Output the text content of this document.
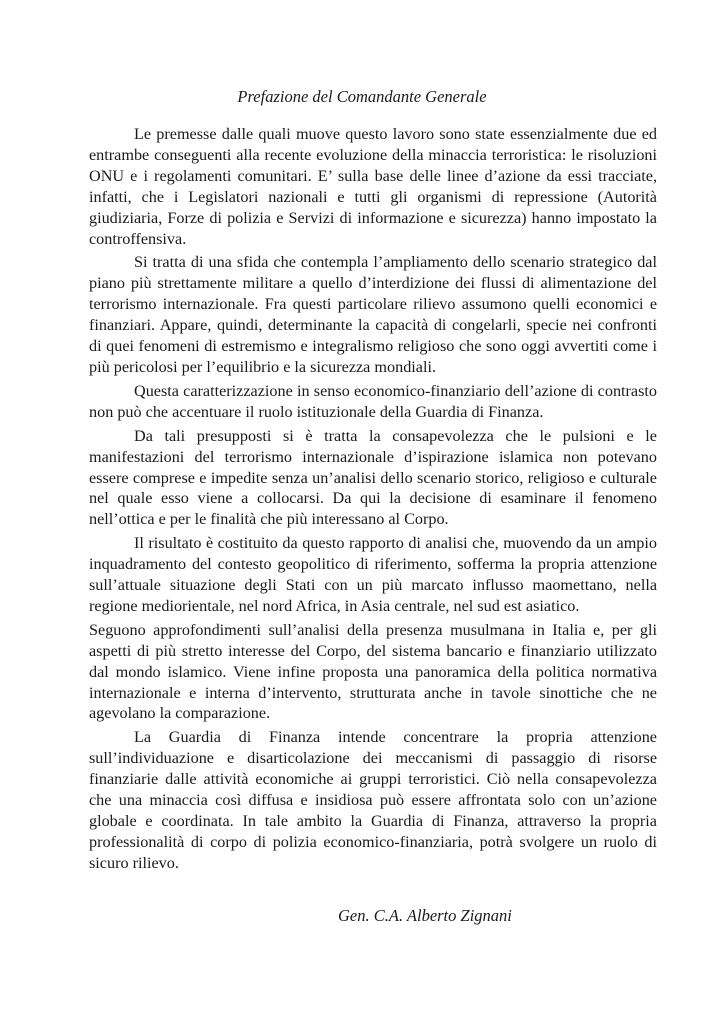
Prefazione del Comandante Generale

Le premesse dalle quali muove questo lavoro sono state essenzialmente due ed entrambe conseguenti alla recente evoluzione della minaccia terroristica: le risoluzioni ONU e i regolamenti comunitari. E’ sulla base delle linee d’azione da essi tracciate, infatti, che i Legislatori nazionali e tutti gli organismi di repressione (Autorità giudiziaria, Forze di polizia e Servizi di informazione e sicurezza) hanno impostato la controffensiva.

Si tratta di una sfida che contempla l’ampliamento dello scenario strategico dal piano più strettamente militare a quello d’interdizione dei flussi di alimentazione del terrorismo internazionale. Fra questi particolare rilievo assumono quelli economici e finanziari. Appare, quindi, determinante la capacità di congelarli, specie nei confronti di quei fenomeni di estremismo e integralismo religioso che sono oggi avvertiti come i più pericolosi per l’equilibrio e la sicurezza mondiali.

Questa caratterizzazione in senso economico-finanziario dell’azione di contrasto non può che accentuare il ruolo istituzionale della Guardia di Finanza.

Da tali presupposti si è tratta la consapevolezza che le pulsioni e le manifestazioni del terrorismo internazionale d’ispirazione islamica non potevano essere comprese e impedite senza un’analisi dello scenario storico, religioso e culturale nel quale esso viene a collocarsi. Da qui la decisione di esaminare il fenomeno nell’ottica e per le finalità che più interessano al Corpo.

Il risultato è costituito da questo rapporto di analisi che, muovendo da un ampio inquadramento del contesto geopolitico di riferimento, sofferma la propria attenzione sull’attuale situazione degli Stati con un più marcato influsso maomettano, nella regione mediorientale, nel nord Africa, in Asia centrale, nel sud est asiatico.

Seguono approfondimenti sull’analisi della presenza musulmana in Italia e, per gli aspetti di più stretto interesse del Corpo, del sistema bancario e finanziario utilizzato dal mondo islamico. Viene infine proposta una panoramica della politica normativa internazionale e interna d’intervento, strutturata anche in tavole sinottiche che ne agevolano la comparazione.

La Guardia di Finanza intende concentrare la propria attenzione sull’individuazione e disarticolazione dei meccanismi di passaggio di risorse finanziarie dalle attività economiche ai gruppi terroristici. Ciò nella consapevolezza che una minaccia così diffusa e insidiosa può essere affrontata solo con un’azione globale e coordinata. In tale ambito la Guardia di Finanza, attraverso la propria professionalità di corpo di polizia economico-finanziaria, potrà svolgere un ruolo di sicuro rilievo.

Gen. C.A. Alberto Zignani
